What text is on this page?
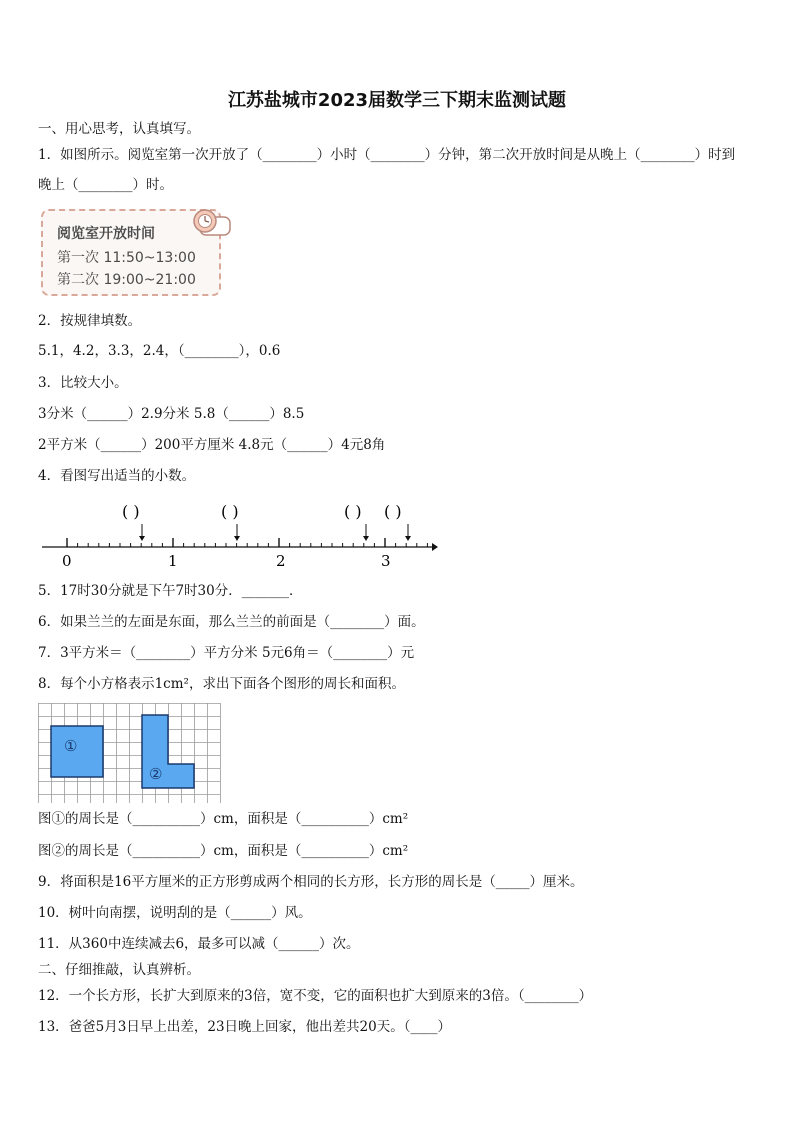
江苏盐城市2023届数学三下期末监测试题
一、用心思考，认真填写。
1．如图所示。阅览室第一次开放了（________）小时（________）分钟，第二次开放时间是从晚上（________）时到
晚上（________）时。
阅览室开放时间
第一次 11:50~13:00
第二次 19:00~21:00
2．按规律填数。
5.1，4.2，3.3，2.4，（________），0.6
3．比较大小。
3分米（______）2.9分米 5.8（______）8.5
2平方米（______）200平方厘米 4.8元（______）4元8角
4．看图写出适当的小数。
( )	( )	( ) ( )
0	1	2	3
5．17时30分就是下午7时30分．_______．
6．如果兰兰的左面是东面，那么兰兰的前面是（________）面。
7．3平方米＝（________）平方分米 5元6角＝（________）元
8．每个小方格表示1cm²，求出下面各个图形的周长和面积。
①
②
图①的周长是（__________）cm，面积是（__________）cm²
图②的周长是（__________）cm，面积是（__________）cm²
9．将面积是16平方厘米的正方形剪成两个相同的长方形，长方形的周长是（_____）厘米。
10．树叶向南摆，说明刮的是（______）风。
11．从360中连续减去6，最多可以减（______）次。
二、仔细推敲，认真辨析。
12．一个长方形，长扩大到原来的3倍，宽不变，它的面积也扩大到原来的3倍。（________）
13．爸爸5月3日早上出差，23日晚上回家，他出差共20天。（____）
